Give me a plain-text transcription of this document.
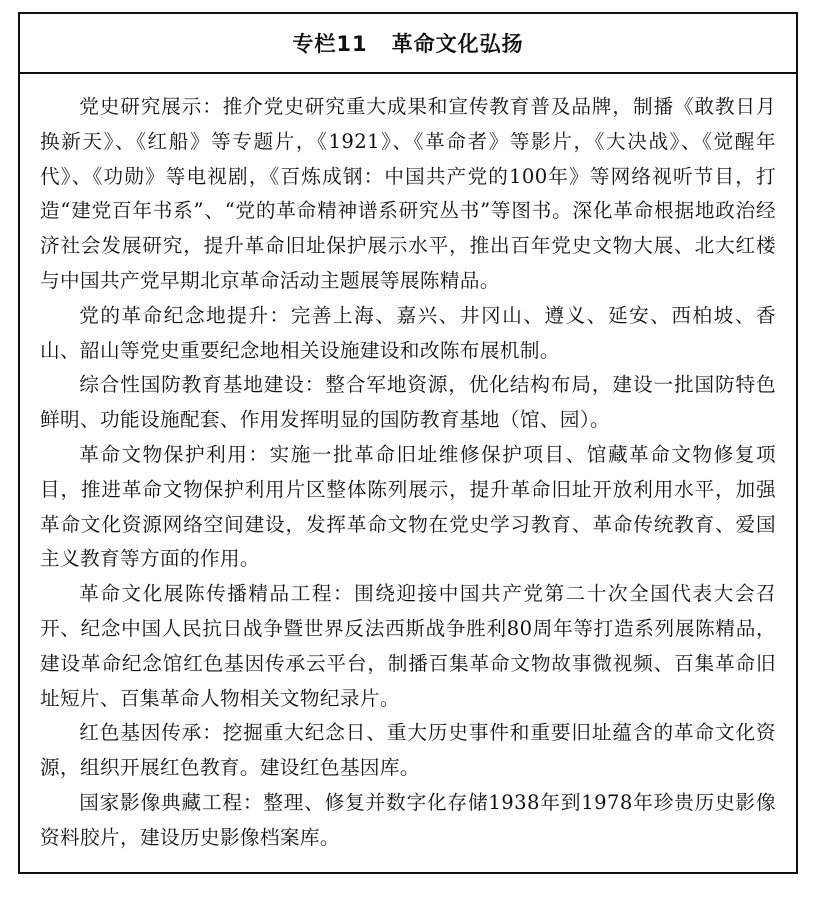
专栏11 革命文化弘扬

党史研究展示：推介党史研究重大成果和宣传教育普及品牌，制播《敢教日月换新天》、《红船》等专题片，《1921》、《革命者》等影片，《大决战》、《觉醒年代》、《功勋》等电视剧，《百炼成钢：中国共产党的100年》等网络视听节目，打造“建党百年书系”、“党的革命精神谱系研究丛书”等图书。深化革命根据地政治经济社会发展研究，提升革命旧址保护展示水平，推出百年党史文物大展、北大红楼与中国共产党早期北京革命活动主题展等展陈精品。

党的革命纪念地提升：完善上海、嘉兴、井冈山、遵义、延安、西柏坡、香山、韶山等党史重要纪念地相关设施建设和改陈布展机制。

综合性国防教育基地建设：整合军地资源，优化结构布局，建设一批国防特色鲜明、功能设施配套、作用发挥明显的国防教育基地（馆、园）。

革命文物保护利用：实施一批革命旧址维修保护项目、馆藏革命文物修复项目，推进革命文物保护利用片区整体陈列展示，提升革命旧址开放利用水平，加强革命文化资源网络空间建设，发挥革命文物在党史学习教育、革命传统教育、爱国主义教育等方面的作用。

革命文化展陈传播精品工程：围绕迎接中国共产党第二十次全国代表大会召开、纪念中国人民抗日战争暨世界反法西斯战争胜利80周年等打造系列展陈精品，建设革命纪念馆红色基因传承云平台，制播百集革命文物故事微视频、百集革命旧址短片、百集革命人物相关文物纪录片。

红色基因传承：挖掘重大纪念日、重大历史事件和重要旧址蕴含的革命文化资源，组织开展红色教育。建设红色基因库。

国家影像典藏工程：整理、修复并数字化存储1938年到1978年珍贵历史影像资料胶片，建设历史影像档案库。
